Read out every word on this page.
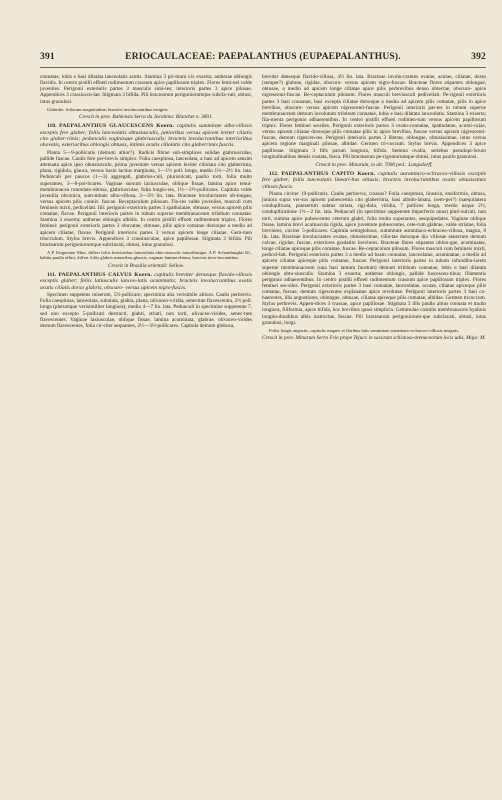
391	ERIOCAULACEAE: PAEPALANTHUS (EUPAEPALANTHUS).	392

connatae, lobis e basi dilatata lanceolatis acutis. Stamina 3 pri-mum vix exserta; antherae oblongis flavidis. In centro pistilli effoeti rudimentum crassum apice papillosum triplex. Flores femi-nei valde juveniles. Perigonii exterioris partes 3 masculis simi-les; interioris partes 3 apice pilosae. Appendices 3 crassiuscu-lae. Stigmata 3 bifida. Pili bractearum perigoniorumque subcla-vati, obtusi, intus granulosi.

Glabritie, foliorum magnitudine, bracteis involucrantibus insignis.

Crescit in prov. Bahiensis Serra da Jacobina: Blanchet n. 3601.

110. PAEPALANTHUS GLAUCESCENS Koern. capitulis summitate albo-villosis exceptis fere glaber; foliis lanceolatis obtusiusculis, junioribus versus apicem leviter ciliatis cito glaber-rimis; pedunculis vaginisque glabriusculis; bracteis involucrantibus interioribus obovatis, exterioribus oblongis obtusis, intimis acutis ciliolatis cito glaberrimis fusciis.

Planta 5—9-pollicaris (demum altior?). Radicis fibrae sub-simplices solidae glabriusculae, pallide fuscae. Caulis fere per-brevis simplex. Folia caespitosa, lanceolata, a basi ad apicem sensim attenuata apice ipso obtusiusculo, prima juventute versus apicem leviter ciliolata cito glaberrima, plana, rigidula, glauca, versus basin lactius marginata, 1—1½ poll. longa, medio 1½—2½ lin. lata. Pedunculi per paucos (1—3) aggregati, glabrius-culi, plurisulcati, paullo torti, folia multo superantes, 3—8-pol-licares. Vaginae sursum laxiusculae, oblique fissae, lamina apice tenui-membranacea rotundato-obtusa, glabriusculae, folia longio-res, 1½—2½-pollicares. Capitula valde juvenilia obconica, sum-mitate albo-villosa, 3—3½ lin. lata. Bracteae involucrantes ob-longae, versus apicem pilis conniv. fuscae. Receptaculum pilosum. Flo-res valde juveniles, masculi cum femineis mixti, pedicellati. Illi: perigonii exterioris partes 3 spathulatae, obtusae, versus apicem pilis comatae, flavae. Perigonii interioris partes in tubum superne membranaceum trilobum connatae. Stamina 3 exserta; antherae oblongis albidis. In centro pistilli effoeti rudimentum triplex. Flores feminei: perigonii exterioris partes 3 obovatae, obtusae, pilis apice comatae dorsoque a medio ad apicem ciliatae, flavae. Perigonii interioris partes 3 versus apicem longe ciliatae. Gem-men triocculum. Stylus brevis. Appendices 3 crassiusculae, apice papillosae. Stigmata 3 bifida. Pili bractearum perigoniorumque subclavati, obtusi, intus granulosi.

A P. Erigeronte Mart. differt foliis brevioribus lanceolatis obtu-siusculis latioribusque. A P. Schomburgkii Kl., habitu paulla affini, differt foliis glabris minoribus glaucis, vaginae lamina obtusa, bracteis invo-lucrantibus.

Crescit in Brasilia orientali: Sellow.

111. PAEPALANTHUS CALVUS Koern. capitulis breviter denseque flavido-villosis exceptis glaber; foliis latiusculis lanceo-latis acuminatis; bracteis involucrantibus ovatis acutis ciliatis dorso glabris, obscuro- versus apicem nigro-fuscis.

Specimen suppetens miserum, 5½-pollicare; specimina alia verisimile altiora. Caulis perbrevis. Folia caespitosa, lanceolata, subulata, glabra, plana, olivaceo-viridia, senectute flavescentia, 2½ poll. longa (plerumque verisimiliter longiora), medio 4—7 lin. lata. Pedunculi in specimine suppetente 7, sed uno excepto 5-pollicari destructi, glabri, striati, non torti, olivaceo-virides, senec-tute flavescentes. Vaginae laxiusculae, oblique fissae, lamina acuminata, glabrae, olivaceo-virides demum flavescentes, folia cir-citer aequantes, 2½—3½-pollicares. Capitula demum globosa,

breviter denseque flavido-villosa, 4½ lin. lata. Bracteae involu-crantes ovatae, acutae, ciliatae, dorso (semper?) glabrae, rigidae, obscuro- versus apicem nigro-fuscae. Bracteae flores stipantes oblongae, obtusae, a medio ad apicem longe ciliatae apice pilis perbrevibus denso obtectae, obscuro- apice nigrescenti-fuscae. Re-ceptaculum pilosum. Flores masculi breviusculi pedicellati. Pe-rigonii exterioris partes 3 basi connatae, basi excepta ciliatae dorsoque a medio ad apicem pilis comatae, pilis in apice brevibus, obscuro- versus apicem nigrescenti-fuscae. Perigonii interioris par-tes in tubum superne membranaceum demum involutum trilobum connatae, lobis e basi dilatata lanceolatis. Stamina 3 exserta; fila-menta perigonio adhaerentibus. In centro pistilli effoeti rudimen-tum versus apicem papillosum triplex. Flores feminei sessiles. Perigonii exterioris partes 3 ovato-connatae, spathulatae, acumi-culae, versus apicem ciliatae dorsoque pilis comatae pilis in apice brevibus, fuscae versus apicem nigrescenti-fuscae, demum rigescen-tes. Perigonii interioris partes 3 liberae, oblongae, obtusissimae, intus versus apicem regione marginali pilosae, albidae. Germen tri-coccum. Stylus brevis. Appendices 3 apice papillosae. Stigmata 3 fills parum longiora, bifida. Semina ovalia, seriebus pseudopi-lorum longitudinalibus densis costata, fusca. Pili bractearum pe-rigoniorumque obtusi, intus paullo granulosi.

Crescit in prov. Minarum, in alt. 7000 ped.: Langsdorff.

112. PAEPALANTHUS CAPITO Koern. capitulis aurantiaco-ochraceo-villosis exceptis fere glaber; foliis lanceolatis lineari-bus obtusis; bracteis involucrantibus ovatis obtusissimis villosis fuscis.

Planta circiter 19-pollicaris. Caulis perbrevis, crassus? Folia caespitosa, linearia, ensiformia, obtusa, juniora supra ver-sus apicem pubescentia cito glaberrima, basi albido-lanata, (sem-per?) inaequilatera condupllicata, praesertim subtus striata, rigi-dula, viridia, 7 pollices longa, medio usque 2½, condupllicatione 1½—2 lin. lata. Pedunculi (in specimine suppetente imperfecto unus) pluri-sulcati, non torti, summa apice pubescentes ceterum glabri, folia multo superantes, sesquipedales. Vaginae oblique fissae, lamina brevi acutiuscula rigida, apice juventute pubescentes, cete-rum glabrae, valde striatae, folia breviores, circiter 5-pollicares. Capitula semiglobosa, summitate aurantiaco-ochraceo-villosa, magna, 8 lin. lata. Bracteae involucrantes ovatae, obtusissimae, cilia-tae dorsoque dia villosae senectute demum calvae, rigidae, fuscae, exteriores gradatim breviores. Bracteae flores stipantes oblon-gae, acuminatae, longe ciliatae apiceque pilis comatae, fuscae. Re-ceptaculum pilosum. Flores masculi cum femineis mixti, pedicel-lati. Perigonii exterioris partes 3 a medio ad basin connatae, lanceolatae, acuminatae, a medio ad apicem ciliatae apiceque pilis comatae, fuscae. Perigonii interioris partes in tubum infundibu-larem superne membranaceum (una basi tantum facetum) demum trilobum connatae, lobis e basi dilatata oblongis obtu-siusculis. Stamina 3 exserta; antherae oblongis, pallide fuscescen-tibus; filamentis perigonio adhaerentibus. In centro pistilli effoeti rudimentum crassum apice papillosum triplex. Flores feminei ses-siles. Perigonii exterioris partes 3 basi connatae, lanceolatae, acutae, ciliatae apiceque pilis comatae, fuscae, demum rigescentes explanatae apice revolutae. Perigonii interioris partes 3 basi co-haerentes, illis angustiores, oblongae, obtusae, ciliatae apiceque pilis comatae, albidae. Germen tricoccum. Stylus perbrevis. Appen-dices 3 crassae, apice papillosae. Stigmata 3 illis paullo altius connata et multo longiora, filiformia, apice bifida, hoc brevibus quasi simplicia. Gemmulae costulis membranaceis hyalinis longitu-dinalibus albis instructae, fuscae. Pili bractearum perigoniorum-que subclavati, obtusi, intus granulosi, longi.

Foliis longis angustis, capitulis magnis et floribus latis summitate aurantiaco-ochraceo-villosis insignis.

Crescit in prov. Minarum Serra Frio prope Tejuco in saxorum schistoso-arenaceorum locis udis, Majo: M.
